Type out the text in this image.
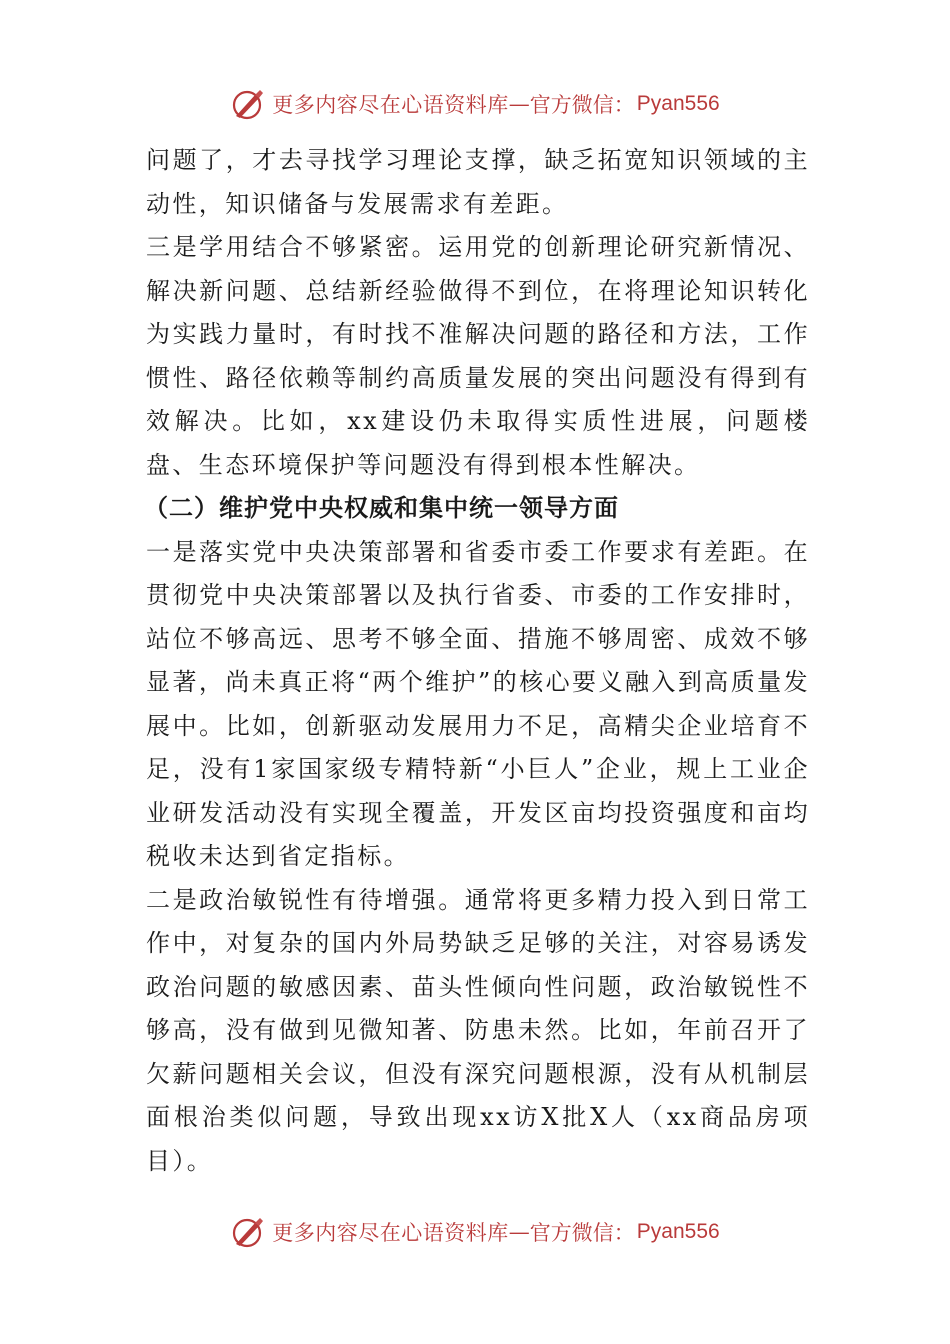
更多内容尽在心语资料库 — 官方微信： Pyan556

问题了，才去寻找学习理论支撑，缺乏拓宽知识领域的主动性，知识储备与发展需求有差距。

三是学用结合不够紧密。运用党的创新理论研究新情况、解决新问题、总结新经验做得不到位，在将理论知识转化为实践力量时，有时找不准解决问题的路径和方法，工作惯性、路径依赖等制约高质量发展的突出问题没有得到有效解决。比如，xx建设仍未取得实质性进展，问题楼盘、生态环境保护等问题没有得到根本性解决。

（二）维护党中央权威和集中统一领导方面

一是落实党中央决策部署和省委市委工作要求有差距。在贯彻党中央决策部署以及执行省委、市委的工作安排时，站位不够高远、思考不够全面、措施不够周密、成效不够显著，尚未真正将“两个维护”的核心要义融入到高质量发展中。比如，创新驱动发展用力不足，高精尖企业培育不足，没有1家国家级专精特新“小巨人”企业，规上工业企业研发活动没有实现全覆盖，开发区亩均投资强度和亩均税收未达到省定指标。

二是政治敏锐性有待增强。通常将更多精力投入到日常工作中，对复杂的国内外局势缺乏足够的关注，对容易诱发政治问题的敏感因素、苗头性倾向性问题，政治敏锐性不够高，没有做到见微知著、防患未然。比如，年前召开了欠薪问题相关会议，但没有深究问题根源，没有从机制层面根治类似问题，导致出现xx访X批X人（xx商品房项目）。

更多内容尽在心语资料库 — 官方微信： Pyan556
